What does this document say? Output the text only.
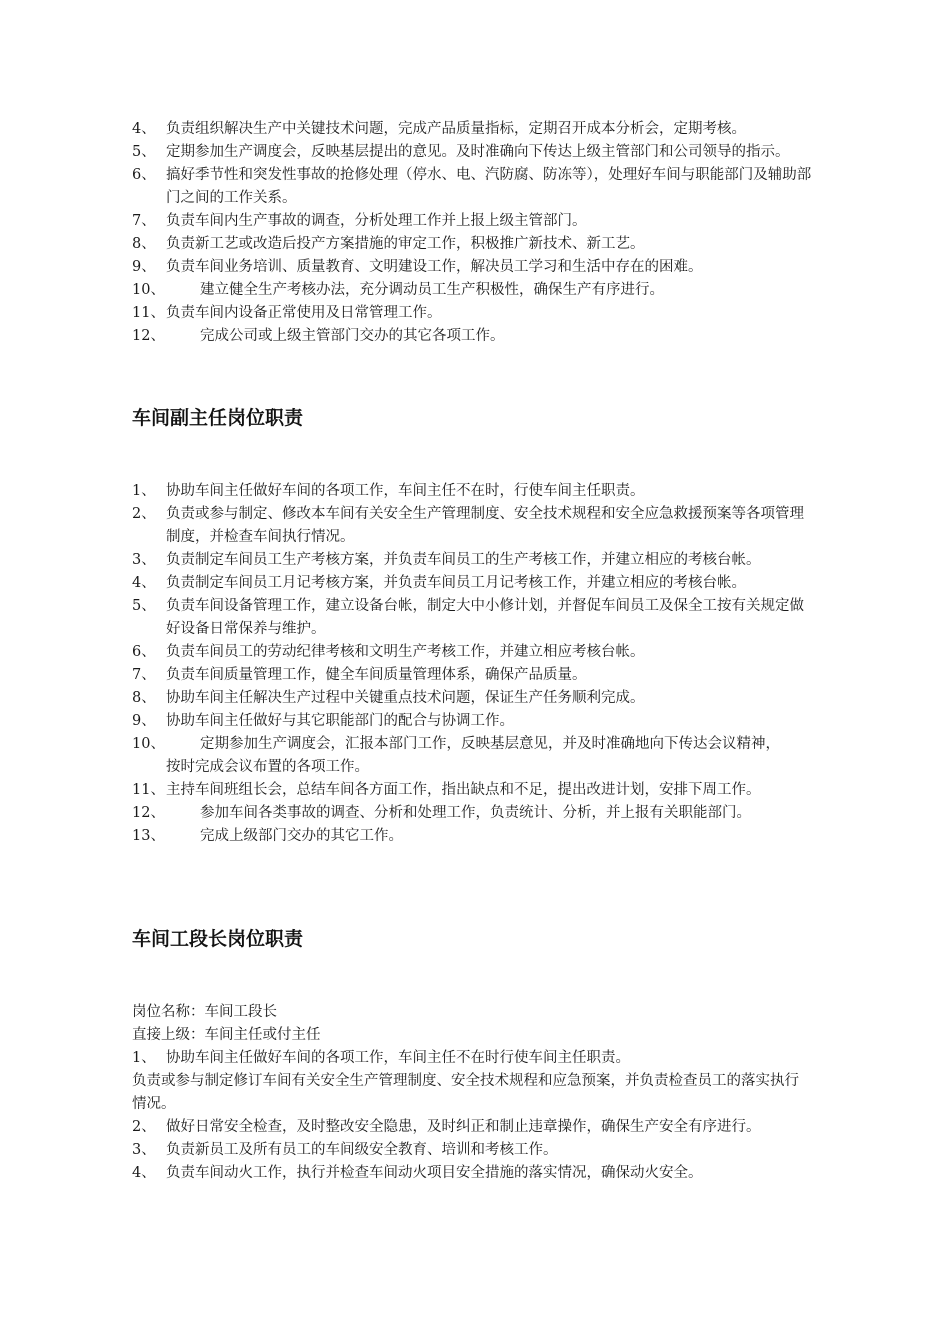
4、 负责组织解决生产中关键技术问题，完成产品质量指标，定期召开成本分析会，定期考核。
5、 定期参加生产调度会，反映基层提出的意见。及时准确向下传达上级主管部门和公司领导的指示。
6、 搞好季节性和突发性事故的抢修处理（停水、电、汽防腐、防冻等），处理好车间与职能部门及辅助部门之间的工作关系。
7、 负责车间内生产事故的调查，分析处理工作并上报上级主管部门。
8、 负责新工艺或改造后投产方案措施的审定工作，积极推广新技术、新工艺。
9、 负责车间业务培训、质量教育、文明建设工作，解决员工学习和生活中存在的困难。
10、	建立健全生产考核办法，充分调动员工生产积极性，确保生产有序进行。
11、 负责车间内设备正常使用及日常管理工作。
12、	完成公司或上级主管部门交办的其它各项工作。
车间副主任岗位职责
1、 协助车间主任做好车间的各项工作，车间主任不在时，行使车间主任职责。
2、 负责或参与制定、修改本车间有关安全生产管理制度、安全技术规程和安全应急救援预案等各项管理制度，并检查车间执行情况。
3、 负责制定车间员工生产考核方案，并负责车间员工的生产考核工作，并建立相应的考核台帐。
4、 负责制定车间员工月记考核方案，并负责车间员工月记考核工作，并建立相应的考核台帐。
5、 负责车间设备管理工作，建立设备台帐，制定大中小修计划，并督促车间员工及保全工按有关规定做好设备日常保养与维护。
6、 负责车间员工的劳动纪律考核和文明生产考核工作，并建立相应考核台帐。
7、 负责车间质量管理工作，健全车间质量管理体系，确保产品质量。
8、 协助车间主任解决生产过程中关键重点技术问题，保证生产任务顺利完成。
9、 协助车间主任做好与其它职能部门的配合与协调工作。
10、	定期参加生产调度会，汇报本部门工作，反映基层意见，并及时准确地向下传达会议精神，按时完成会议布置的各项工作。
11、 主持车间班组长会，总结车间各方面工作，指出缺点和不足，提出改进计划，安排下周工作。
12、	参加车间各类事故的调查、分析和处理工作，负责统计、分析，并上报有关职能部门。
13、	完成上级部门交办的其它工作。
车间工段长岗位职责
岗位名称：车间工段长
直接上级：车间主任或付主任
1、 协助车间主任做好车间的各项工作，车间主任不在时行使车间主任职责。
负责或参与制定修订车间有关安全生产管理制度、安全技术规程和应急预案，并负责检查员工的落实执行情况。
2、 做好日常安全检查，及时整改安全隐患，及时纠正和制止违章操作，确保生产安全有序进行。
3、 负责新员工及所有员工的车间级安全教育、培训和考核工作。
4、 负责车间动火工作，执行并检查车间动火项目安全措施的落实情况，确保动火安全。
